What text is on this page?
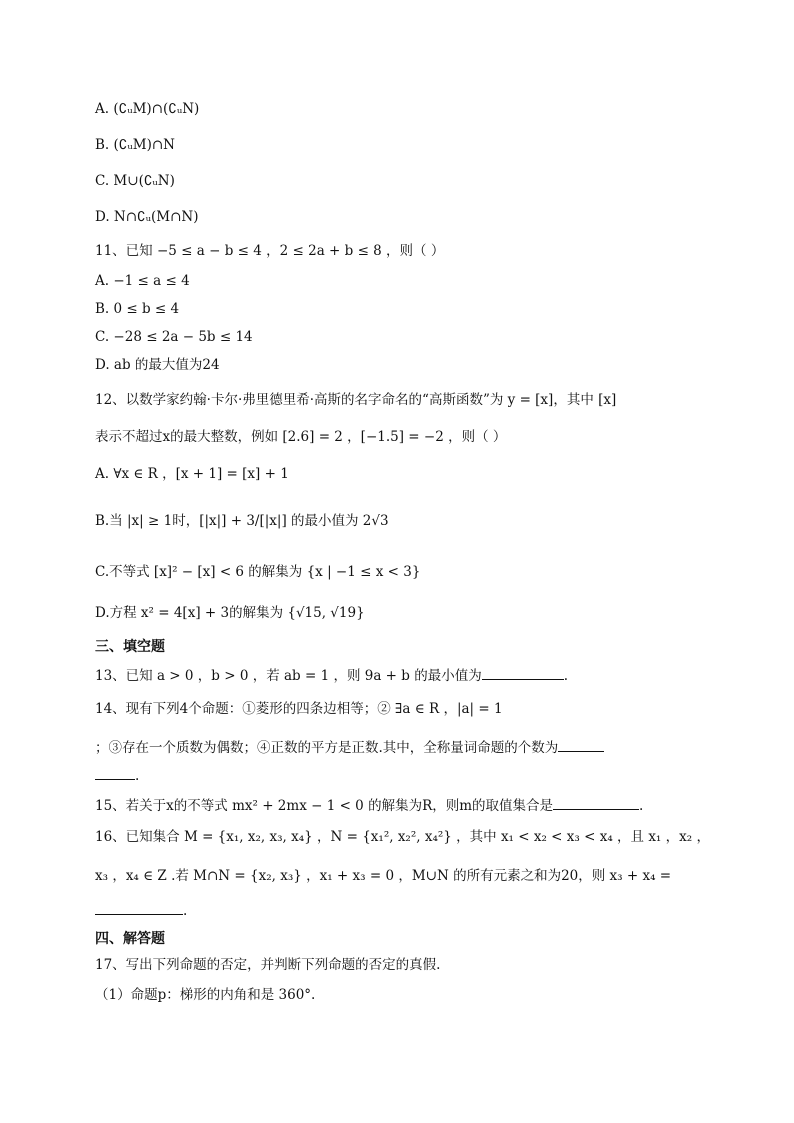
A. (∁ᵤM)∩(∁ᵤN)
B. (∁ᵤM)∩N
C. M∪(∁ᵤN)
D. N∩∁ᵤ(M∩N)
11、已知 −5 ≤ a − b ≤ 4 ，2 ≤ 2a + b ≤ 8 ，则（ ）
A. −1 ≤ a ≤ 4
B. 0 ≤ b ≤ 4
C. −28 ≤ 2a − 5b ≤ 14
D. ab 的最大值为24
12、以数学家约翰·卡尔·弗里德里希·高斯的名字命名的“高斯函数”为 y = [x]，其中 [x]
表示不超过x的最大整数，例如 [2.6] = 2 ，[−1.5] = −2 ，则（ ）
A. ∀x ∈ R ，[x + 1] = [x] + 1
B.当 |x| ≥ 1时，[|x|] + 3/[|x|] 的最小值为 2√3
C.不等式 [x]² − [x] < 6 的解集为 {x | −1 ≤ x < 3}
D.方程 x² = 4[x] + 3的解集为 {√15, √19}
三、填空题
13、已知 a > 0 ，b > 0 ，若 ab = 1 ，则 9a + b 的最小值为	.
14、现有下列4个命题：①菱形的四条边相等；② ∃a ∈ R ，|a| = 1
；③存在一个质数为偶数；④正数的平方是正数.其中，全称量词命题的个数为
.
15、若关于x的不等式 mx² + 2mx − 1 < 0 的解集为R，则m的取值集合是	.
16、已知集合 M = {x₁, x₂, x₃, x₄} ，N = {x₁², x₂², x₄²} ，其中 x₁ < x₂ < x₃ < x₄ ，且 x₁ ，x₂ ，
x₃ ，x₄ ∈ Z .若 M∩N = {x₂, x₃} ，x₁ + x₃ = 0 ，M∪N 的所有元素之和为20，则 x₃ + x₄ =
.
四、解答题
17、写出下列命题的否定，并判断下列命题的否定的真假.
（1）命题p：梯形的内角和是 360°.
